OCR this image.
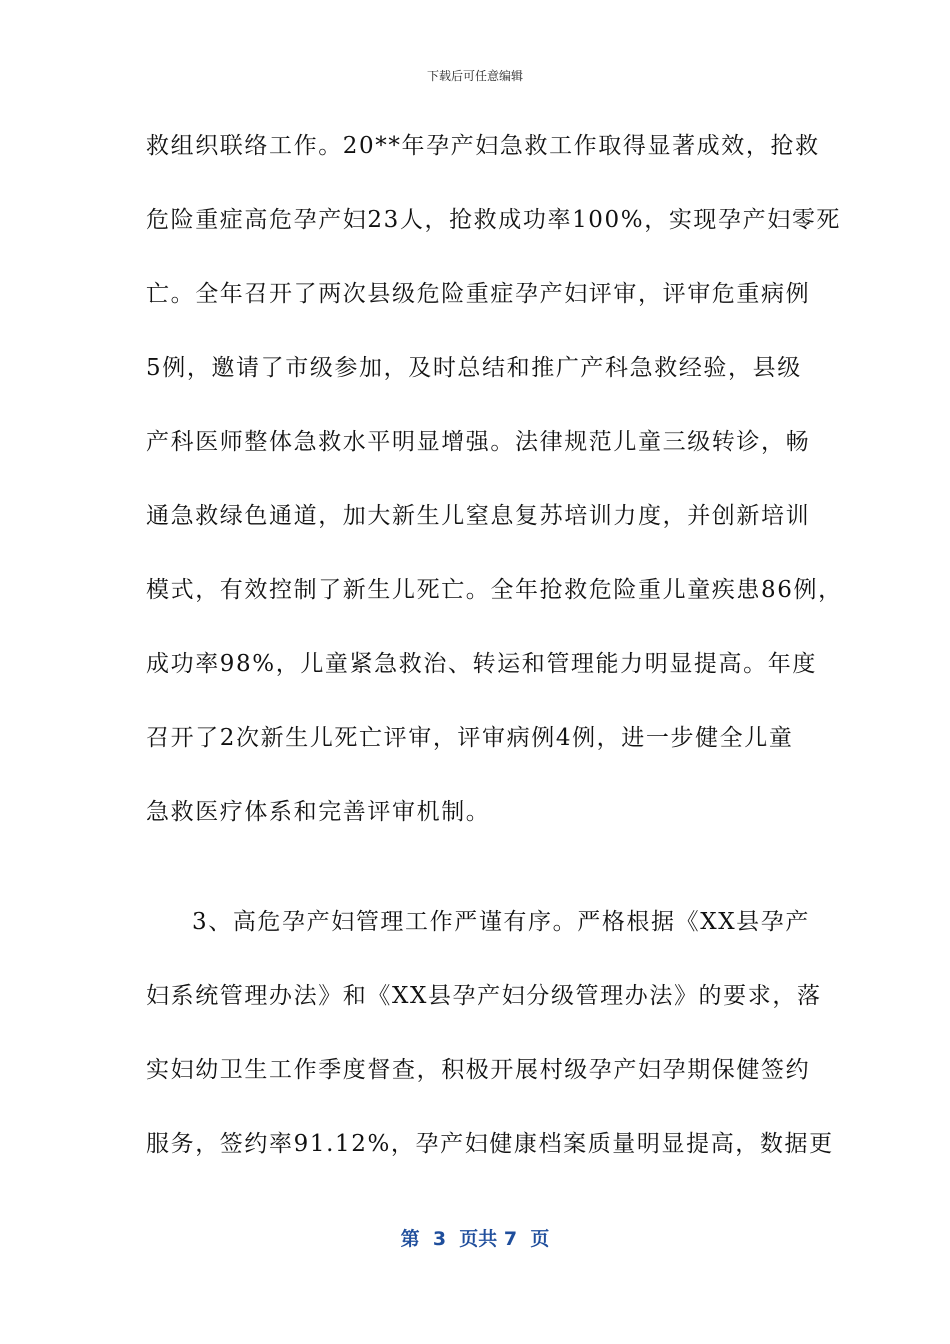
下载后可任意编辑
救组织联络工作。20**年孕产妇急救工作取得显著成效，抢救
危险重症高危孕产妇23人，抢救成功率100%，实现孕产妇零死
亡。全年召开了两次县级危险重症孕产妇评审，评审危重病例
5例，邀请了市级参加，及时总结和推广产科急救经验，县级
产科医师整体急救水平明显增强。法律规范儿童三级转诊，畅
通急救绿色通道，加大新生儿窒息复苏培训力度，并创新培训
模式，有效控制了新生儿死亡。全年抢救危险重儿童疾患86例，
成功率98%，儿童紧急救治、转运和管理能力明显提高。年度
召开了2次新生儿死亡评审，评审病例4例，进一步健全儿童
急救医疗体系和完善评审机制。
3、高危孕产妇管理工作严谨有序。严格根据《XX县孕产
妇系统管理办法》和《XX县孕产妇分级管理办法》的要求，落
实妇幼卫生工作季度督查，积极开展村级孕产妇孕期保健签约
服务，签约率91.12%，孕产妇健康档案质量明显提高，数据更
第  3  页共 7  页
